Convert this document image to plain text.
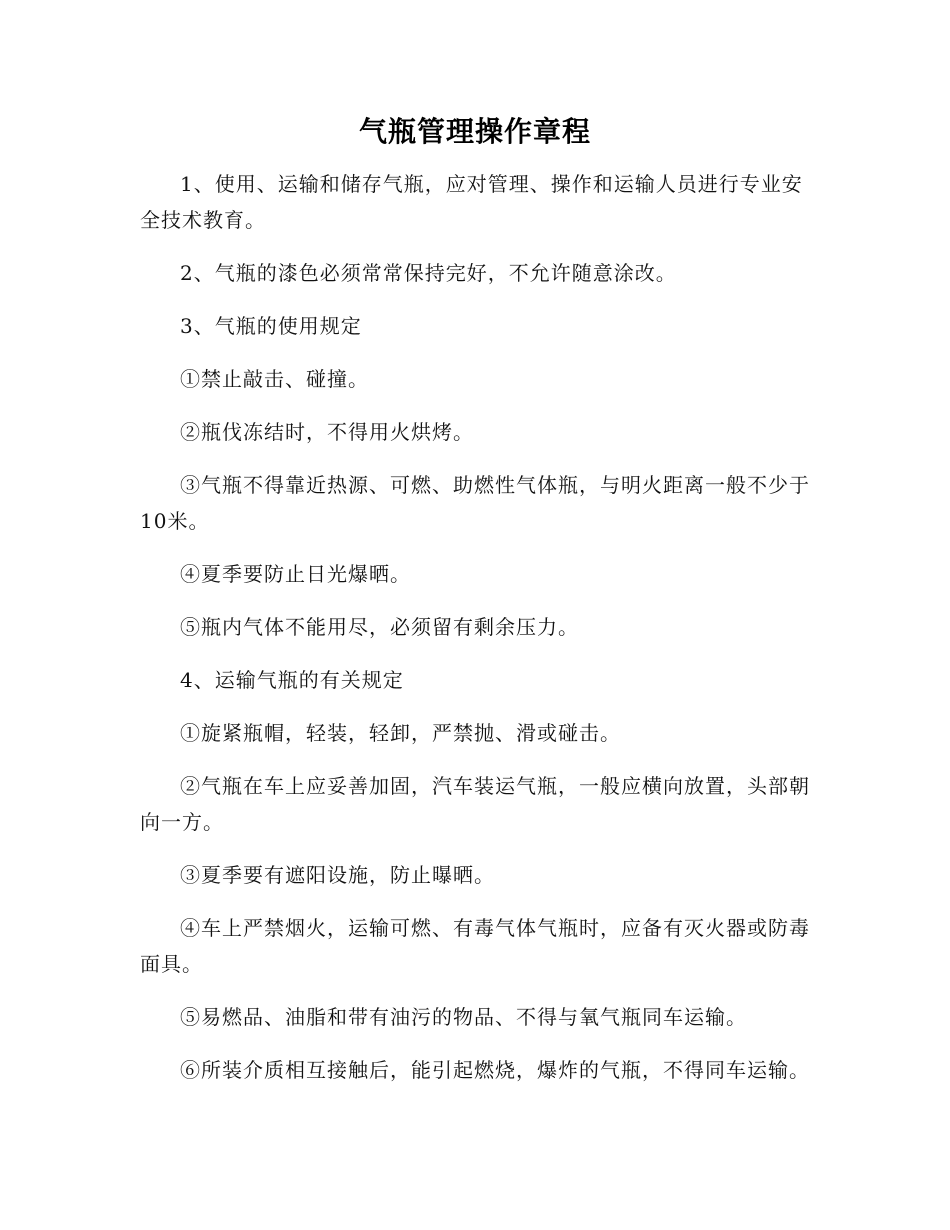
气瓶管理操作章程

1、使用、运输和储存气瓶，应对管理、操作和运输人员进行专业安全技术教育。

2、气瓶的漆色必须常常保持完好，不允许随意涂改。

3、气瓶的使用规定

①禁止敲击、碰撞。

②瓶伐冻结时，不得用火烘烤。

③气瓶不得靠近热源、可燃、助燃性气体瓶，与明火距离一般不少于10米。

④夏季要防止日光爆晒。

⑤瓶内气体不能用尽，必须留有剩余压力。

4、运输气瓶的有关规定

①旋紧瓶帽，轻装，轻卸，严禁抛、滑或碰击。

②气瓶在车上应妥善加固，汽车装运气瓶，一般应横向放置，头部朝向一方。

③夏季要有遮阳设施，防止曝晒。

④车上严禁烟火，运输可燃、有毒气体气瓶时，应备有灭火器或防毒面具。

⑤易燃品、油脂和带有油污的物品、不得与氧气瓶同车运输。

⑥所装介质相互接触后，能引起燃烧，爆炸的气瓶，不得同车运输。
